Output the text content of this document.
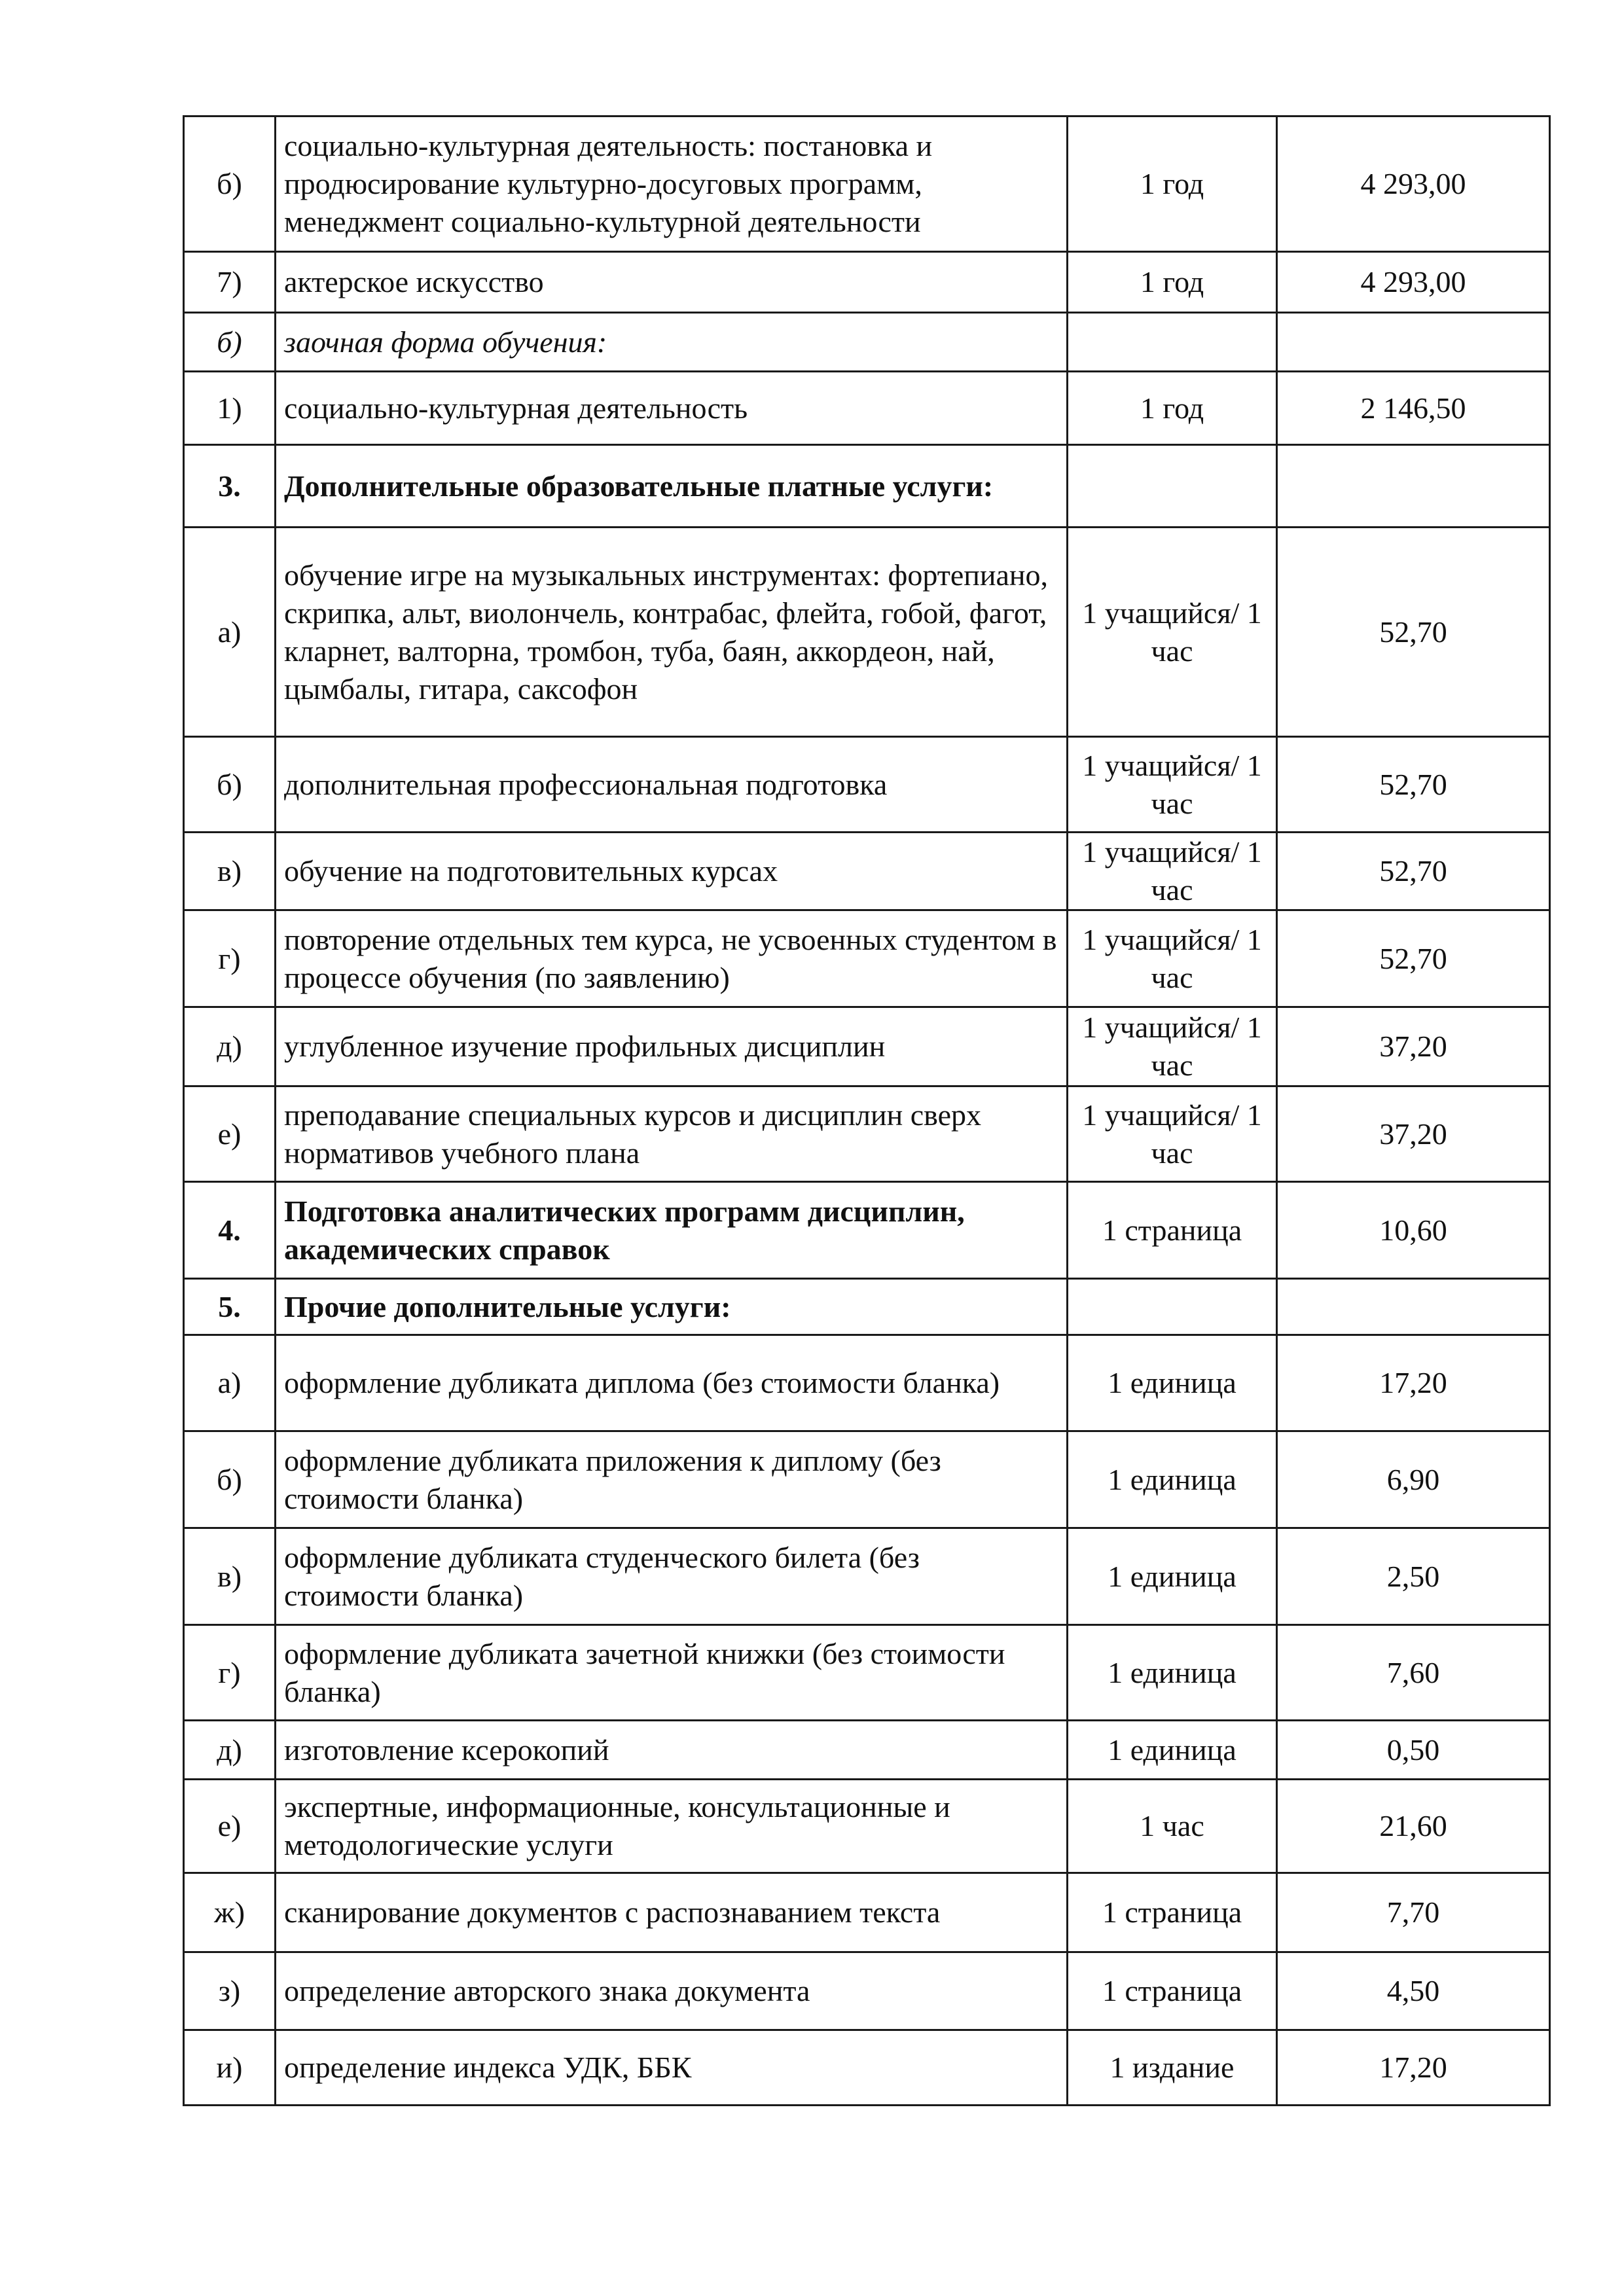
б)	социально-культурная деятельность: постановка и продюсирование культурно-досуговых программ, менеджмент социально-культурной деятельности	1 год	4 293,00
7)	актерское искусство	1 год	4 293,00
б)	заочная форма обучения:		
1)	социально-культурная деятельность	1 год	2 146,50
3.	Дополнительные образовательные платные услуги:		
а)	обучение игре на музыкальных инструментах: фортепиано, скрипка, альт, виолончель, контрабас, флейта, гобой, фагот, кларнет, валторна, тромбон, туба, баян, аккордеон, най, цымбалы, гитара, саксофон	1 учащийся/ 1 час	52,70
б)	дополнительная профессиональная подготовка	1 учащийся/ 1 час	52,70
в)	обучение на подготовительных курсах	1 учащийся/ 1 час	52,70
г)	повторение отдельных тем курса, не усвоенных студентом в процессе обучения (по заявлению)	1 учащийся/ 1 час	52,70
д)	углубленное изучение профильных дисциплин	1 учащийся/ 1 час	37,20
е)	преподавание специальных курсов и дисциплин сверх нормативов учебного плана	1 учащийся/ 1 час	37,20
4.	Подготовка аналитических программ дисциплин, академических справок	1 страница	10,60
5.	Прочие дополнительные услуги:		
а)	оформление дубликата диплома (без стоимости бланка)	1 единица	17,20
б)	оформление дубликата приложения к диплому (без стоимости бланка)	1 единица	6,90
в)	оформление дубликата студенческого билета (без стоимости бланка)	1 единица	2,50
г)	оформление дубликата зачетной книжки (без стоимости бланка)	1 единица	7,60
д)	изготовление ксерокопий	1 единица	0,50
е)	экспертные, информационные, консультационные и методологические услуги	1 час	21,60
ж)	сканирование документов с распознаванием текста	1 страница	7,70
з)	определение авторского знака документа	1 страница	4,50
и)	определение индекса УДК, ББК	1 издание	17,20
